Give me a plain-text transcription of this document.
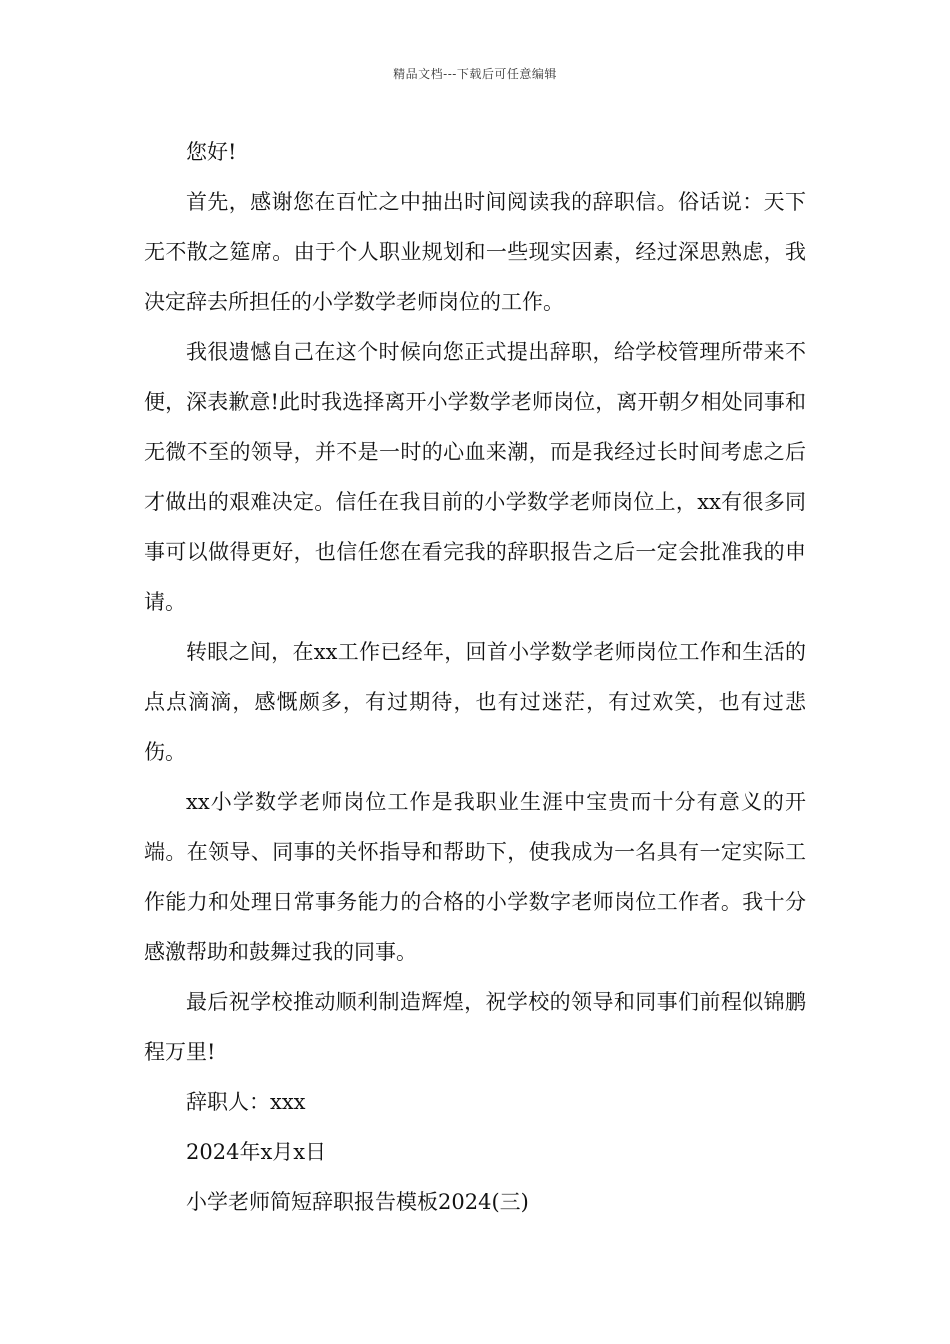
精品文档---下载后可任意编辑

您好!

首先，感谢您在百忙之中抽出时间阅读我的辞职信。俗话说：天下无不散之筵席。由于个人职业规划和一些现实因素，经过深思熟虑，我决定辞去所担任的小学数学老师岗位的工作。

我很遗憾自己在这个时候向您正式提出辞职，给学校管理所带来不便，深表歉意!此时我选择离开小学数学老师岗位，离开朝夕相处同事和无微不至的领导，并不是一时的心血来潮，而是我经过长时间考虑之后才做出的艰难决定。信任在我目前的小学数学老师岗位上，xx有很多同事可以做得更好，也信任您在看完我的辞职报告之后一定会批准我的申请。

转眼之间，在xx工作已经年，回首小学数学老师岗位工作和生活的点点滴滴，感慨颇多，有过期待，也有过迷茫，有过欢笑，也有过悲伤。

xx小学数学老师岗位工作是我职业生涯中宝贵而十分有意义的开端。在领导、同事的关怀指导和帮助下，使我成为一名具有一定实际工作能力和处理日常事务能力的合格的小学数字老师岗位工作者。我十分感激帮助和鼓舞过我的同事。

最后祝学校推动顺利制造辉煌，祝学校的领导和同事们前程似锦鹏程万里!

辞职人：xxx

2024年x月x日

小学老师简短辞职报告模板2024(三)
